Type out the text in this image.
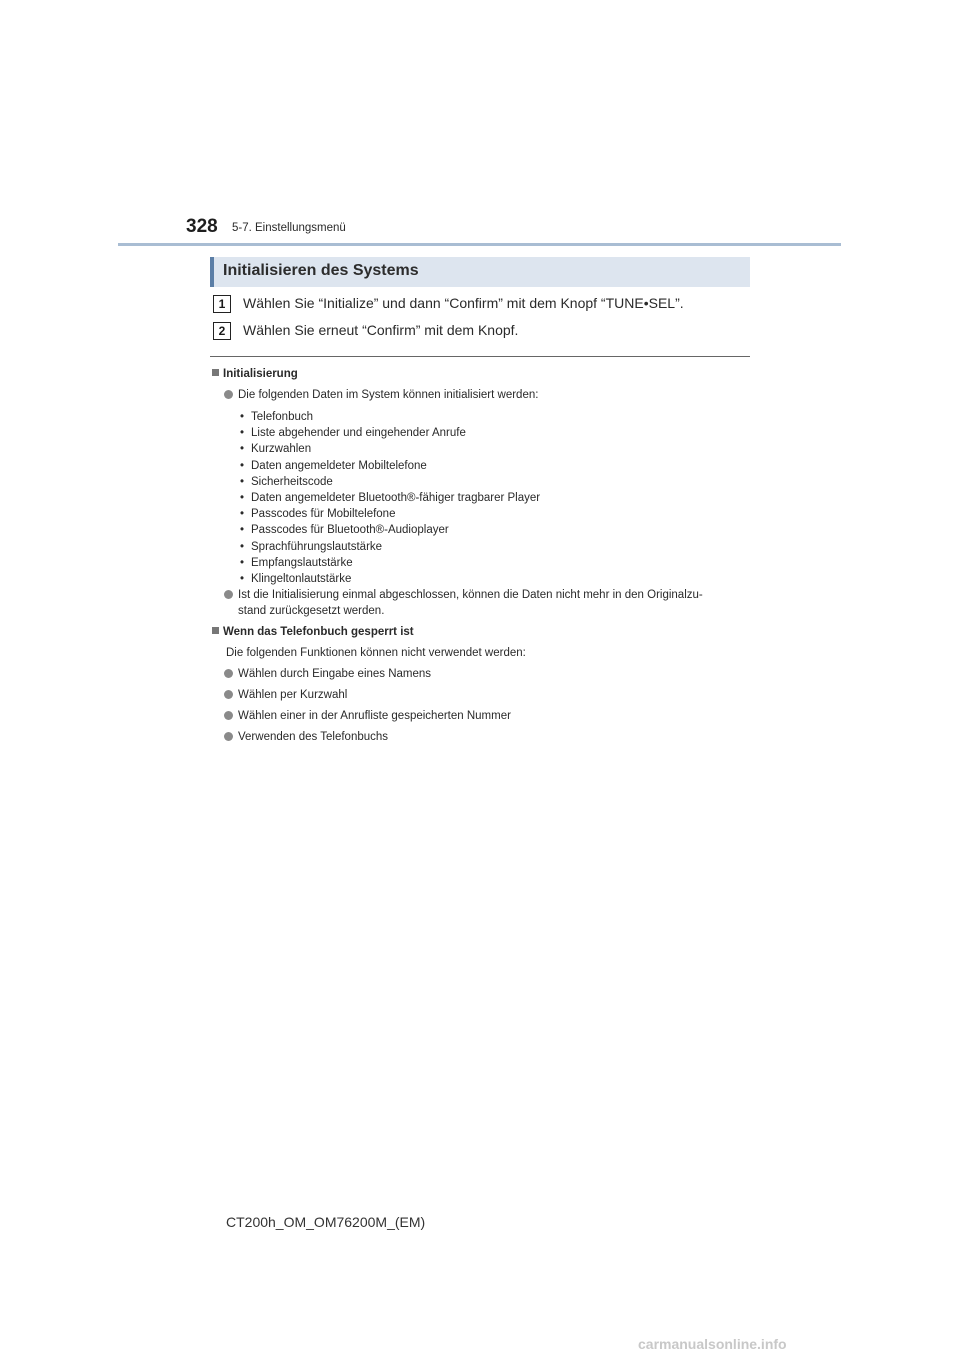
328 5-7. Einstellungsmenü
Initialisieren des Systems
1	Wählen Sie “Initialize” und dann “Confirm” mit dem Knopf “TUNE•SEL”.
2	Wählen Sie erneut “Confirm” mit dem Knopf.
Initialisierung
Die folgenden Daten im System können initialisiert werden:
• Telefonbuch
• Liste abgehender und eingehender Anrufe
• Kurzwahlen
• Daten angemeldeter Mobiltelefone
• Sicherheitscode
• Daten angemeldeter Bluetooth®-fähiger tragbarer Player
• Passcodes für Mobiltelefone
• Passcodes für Bluetooth®-Audioplayer
• Sprachführungslautstärke
• Empfangslautstärke
• Klingeltonlautstärke
Ist die Initialisierung einmal abgeschlossen, können die Daten nicht mehr in den Originalzu-
stand zurückgesetzt werden.
Wenn das Telefonbuch gesperrt ist
Die folgenden Funktionen können nicht verwendet werden:
Wählen durch Eingabe eines Namens
Wählen per Kurzwahl
Wählen einer in der Anrufliste gespeicherten Nummer
Verwenden des Telefonbuchs
CT200h_OM_OM76200M_(EM)
carmanualsonline.info
